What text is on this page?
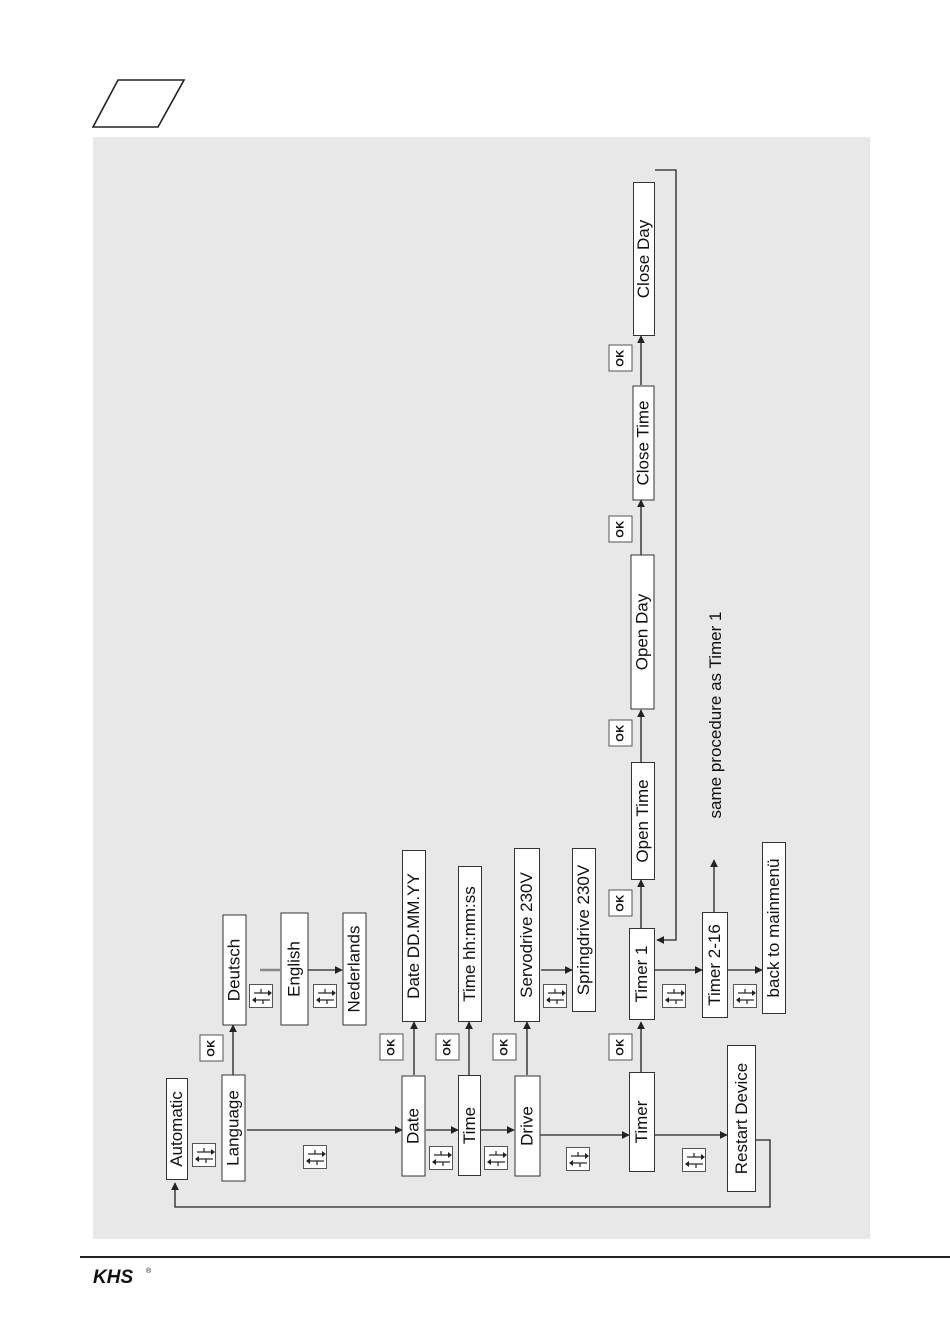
Automatic Language
Deutsch English Nederlands
Date
Date DD.MM.YY
Time
Time hh:mm:ss
Drive
Servodrive 230V Springdrive 230V
Timer
Timer 1
Open Time
Open Day
Close Time
Close Day
Timer 2-16
same procedure as Timer 1
back to mainmenü
Restart Device
OK	OK	OK	OK	OK
OK
OK
OK
OK
KHS ®
